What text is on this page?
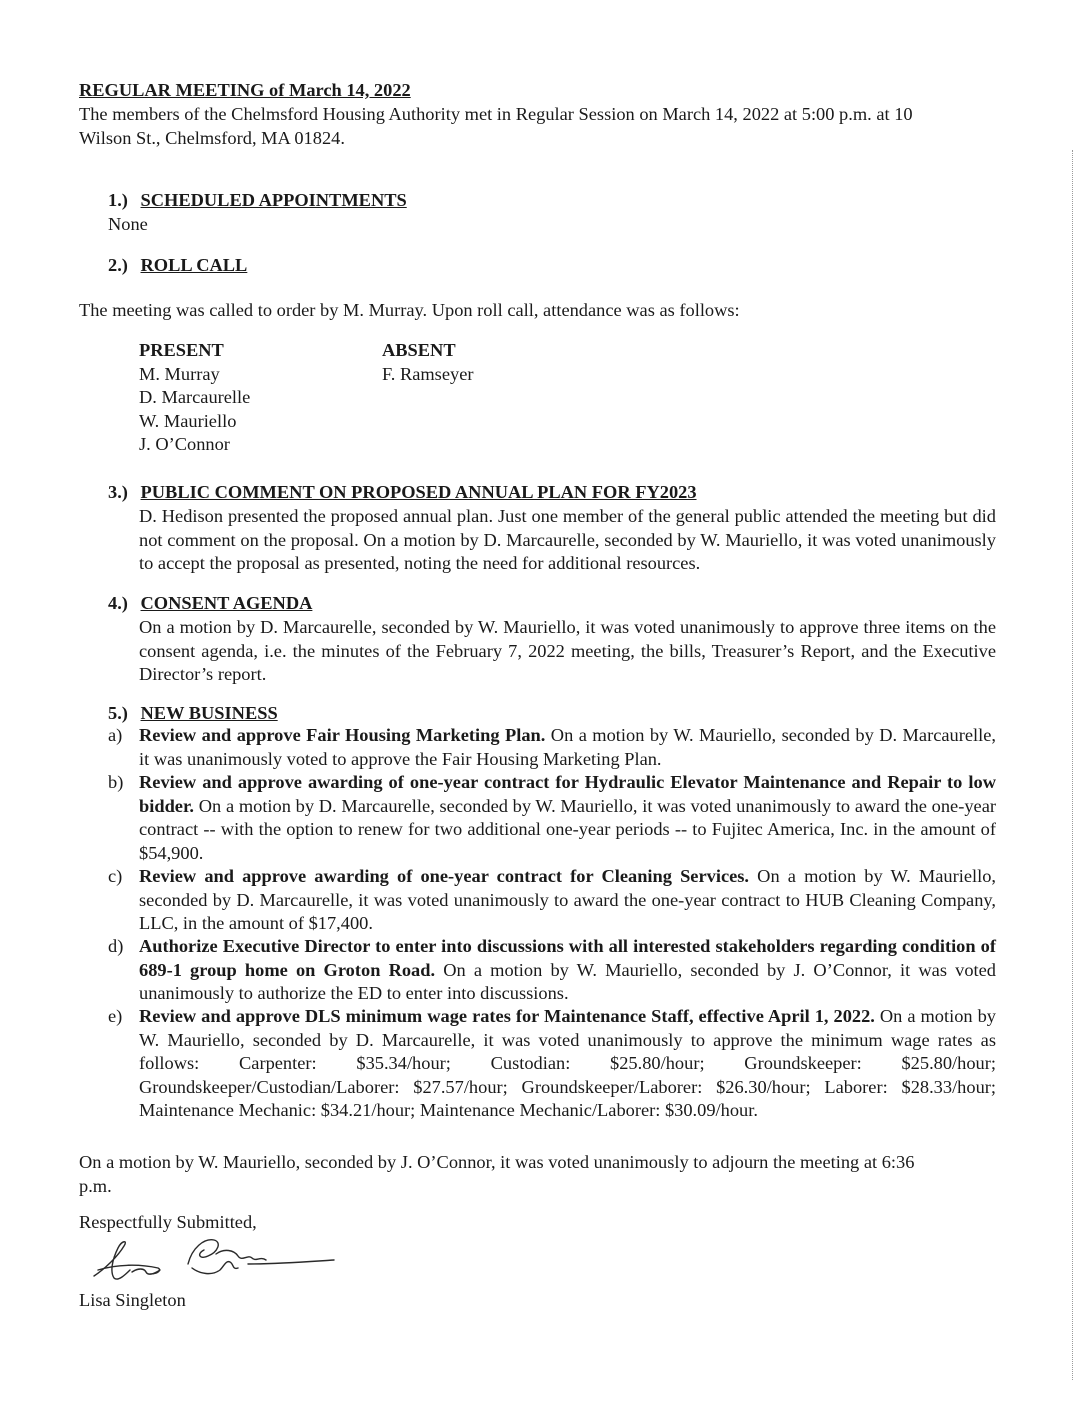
REGULAR MEETING of March 14, 2022
The members of the Chelmsford Housing Authority met in Regular Session on March 14, 2022 at 5:00 p.m. at 10
Wilson St., Chelmsford, MA 01824.
1.) SCHEDULED APPOINTMENTS
None
2.) ROLL CALL
The meeting was called to order by M. Murray. Upon roll call, attendance was as follows:
PRESENT
M. Murray
D. Marcaurelle
W. Mauriello
J. O’Connor
ABSENT
F. Ramseyer
3.) PUBLIC COMMENT ON PROPOSED ANNUAL PLAN FOR FY2023
D. Hedison presented the proposed annual plan. Just one member of the general public attended the meeting but did not comment on the proposal. On a motion by D. Marcaurelle, seconded by W. Mauriello, it was voted unanimously to accept the proposal as presented, noting the need for additional resources.
4.) CONSENT AGENDA
On a motion by D. Marcaurelle, seconded by W. Mauriello, it was voted unanimously to approve three items on the consent agenda, i.e. the minutes of the February 7, 2022 meeting, the bills, Treasurer’s Report, and the Executive Director’s report.
5.) NEW BUSINESS
a) Review and approve Fair Housing Marketing Plan. On a motion by W. Mauriello, seconded by D. Marcaurelle, it was unanimously voted to approve the Fair Housing Marketing Plan.
b) Review and approve awarding of one-year contract for Hydraulic Elevator Maintenance and Repair to low bidder. On a motion by D. Marcaurelle, seconded by W. Mauriello, it was voted unanimously to award the one-year contract -- with the option to renew for two additional one-year periods -- to Fujitec America, Inc. in the amount of $54,900.
c) Review and approve awarding of one-year contract for Cleaning Services. On a motion by W. Mauriello, seconded by D. Marcaurelle, it was voted unanimously to award the one-year contract to HUB Cleaning Company, LLC, in the amount of $17,400.
d) Authorize Executive Director to enter into discussions with all interested stakeholders regarding condition of 689-1 group home on Groton Road. On a motion by W. Mauriello, seconded by J. O’Connor, it was voted unanimously to authorize the ED to enter into discussions.
e) Review and approve DLS minimum wage rates for Maintenance Staff, effective April 1, 2022. On a motion by W. Mauriello, seconded by D. Marcaurelle, it was voted unanimously to approve the minimum wage rates as follows: Carpenter: $35.34/hour; Custodian: $25.80/hour; Groundskeeper: $25.80/hour; Groundskeeper/Custodian/Laborer: $27.57/hour; Groundskeeper/Laborer: $26.30/hour; Laborer: $28.33/hour; Maintenance Mechanic: $34.21/hour; Maintenance Mechanic/Laborer: $30.09/hour.
On a motion by W. Mauriello, seconded by J. O’Connor, it was voted unanimously to adjourn the meeting at 6:36
p.m.
Respectfully Submitted,
Lisa Singleton
